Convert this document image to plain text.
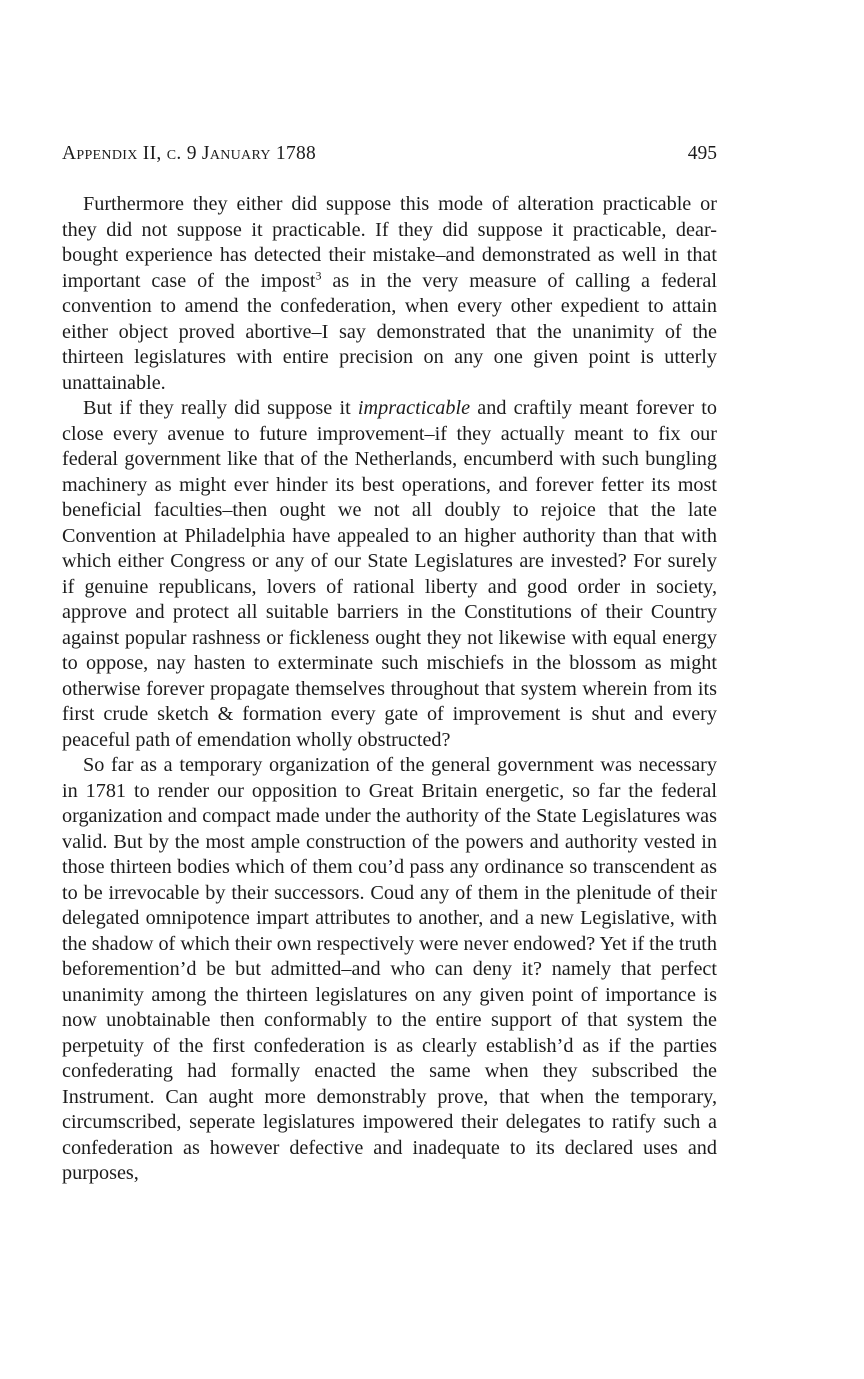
Appendix II, c. 9 January 1788	495

Furthermore they either did suppose this mode of alteration practicable or they did not suppose it practicable. If they did suppose it practicable, dear-bought experience has detected their mistake–and demonstrated as well in that important case of the impost$^3$ as in the very measure of calling a federal convention to amend the confederation, when every other expedient to attain either object proved abortive–I say demonstrated that the unanimity of the thirteen legislatures with entire precision on any one given point is utterly unattainable.

But if they really did suppose it impracticable and craftily meant forever to close every avenue to future improvement–if they actually meant to fix our federal government like that of the Netherlands, encumberd with such bungling machinery as might ever hinder its best operations, and forever fetter its most beneficial faculties–then ought we not all doubly to rejoice that the late Convention at Philadelphia have appealed to an higher authority than that with which either Congress or any of our State Legislatures are invested? For surely if genuine republicans, lovers of rational liberty and good order in society, approve and protect all suitable barriers in the Constitutions of their Country against popular rashness or fickleness ought they not likewise with equal energy to oppose, nay hasten to exterminate such mischiefs in the blossom as might otherwise forever propagate themselves throughout that system wherein from its first crude sketch & formation every gate of improvement is shut and every peaceful path of emendation wholly obstructed?

So far as a temporary organization of the general government was necessary in 1781 to render our opposition to Great Britain energetic, so far the federal organization and compact made under the authority of the State Legislatures was valid. But by the most ample construction of the powers and authority vested in those thirteen bodies which of them cou’d pass any ordinance so transcendent as to be irrevocable by their successors. Coud any of them in the plenitude of their delegated omnipotence impart attributes to another, and a new Legislative, with the shadow of which their own respectively were never endowed? Yet if the truth beforemention’d be but admitted–and who can deny it? namely that perfect unanimity among the thirteen legislatures on any given point of importance is now unobtainable then conformably to the entire support of that system the perpetuity of the first confederation is as clearly establish’d as if the parties confederating had formally enacted the same when they subscribed the Instrument. Can aught more demonstrably prove, that when the temporary, circumscribed, seperate legislatures impowered their delegates to ratify such a confederation as however defective and inadequate to its declared uses and purposes,
